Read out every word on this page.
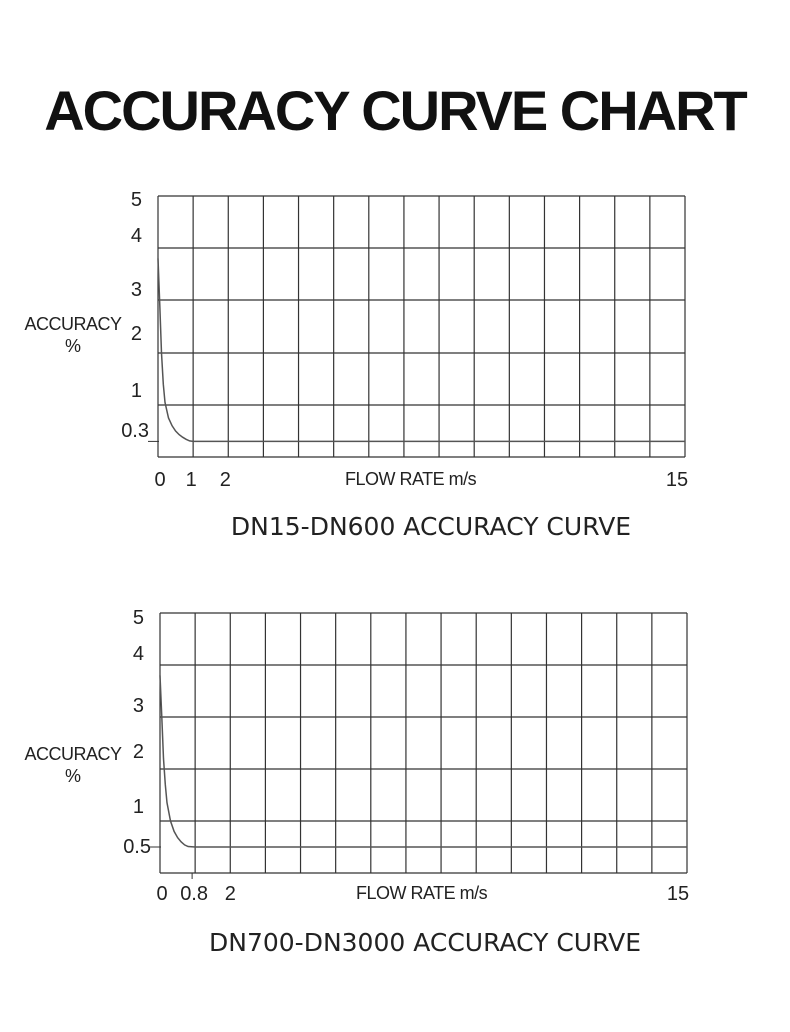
ACCURACY CURVE CHART
5
4
3
2
1
0.3
0 1 2	15
FLOW RATE m/s
ACCURACY
%
DN15-DN600 ACCURACY CURVE
5
4
3
2
1
0.5
0 0.8 2	15
FLOW RATE m/s
ACCURACY
%
DN700-DN3000 ACCURACY CURVE
